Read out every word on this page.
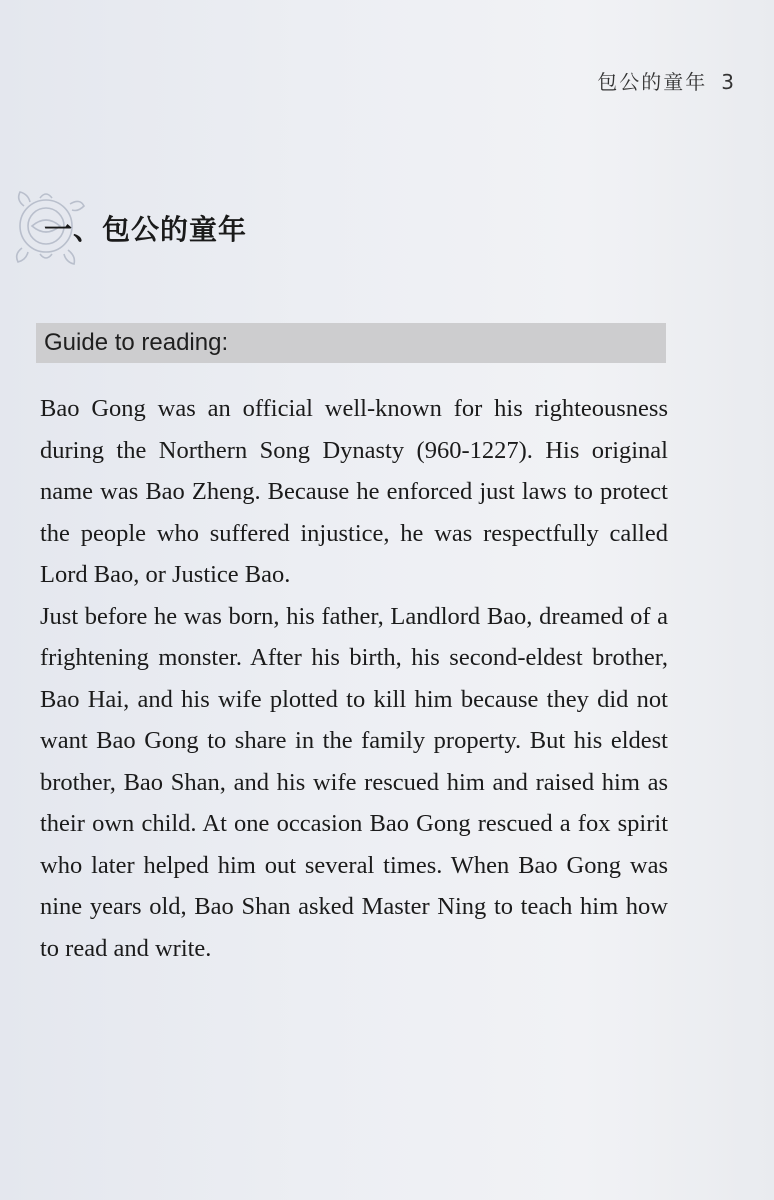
包公的童年 3
一、包公的童年
Guide to reading:

Bao Gong was an official well-known for his righteousness during the Northern Song Dynasty (960-1227). His original name was Bao Zheng. Because he enforced just laws to protect the people who suffered injustice, he was respectfully called Lord Bao, or Justice Bao.

Just before he was born, his father, Landlord Bao, dreamed of a frightening monster. After his birth, his second-eldest brother, Bao Hai, and his wife plotted to kill him because they did not want Bao Gong to share in the family property. But his eldest brother, Bao Shan, and his wife rescued him and raised him as their own child. At one occasion Bao Gong rescued a fox spirit who later helped him out several times. When Bao Gong was nine years old, Bao Shan asked Master Ning to teach him how to read and write.
